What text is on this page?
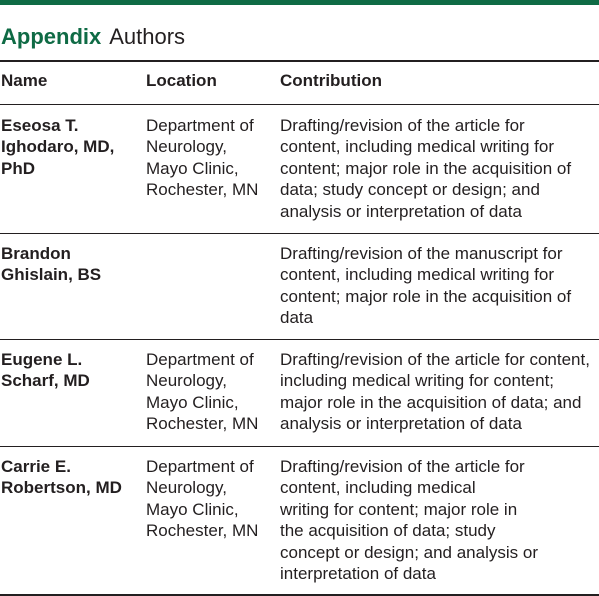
Appendix Authors
Name	Location	Contribution
Eseosa T.
Ighodaro, MD,
PhD
Department of
Neurology,
Mayo Clinic,
Rochester, MN
Drafting/revision of the article for
content, including medical writing for
content; major role in the acquisition of
data; study concept or design; and
analysis or interpretation of data
Brandon
Ghislain, BS
Drafting/revision of the manuscript for
content, including medical writing for
content; major role in the acquisition of
data
Eugene L.
Scharf, MD
Department of
Neurology,
Mayo Clinic,
Rochester, MN
Drafting/revision of the article for content,
including medical writing for content;
major role in the acquisition of data; and
analysis or interpretation of data
Carrie E.
Robertson, MD
Department of
Neurology,
Mayo Clinic,
Rochester, MN
Drafting/revision of the article for
content, including medical
writing for content; major role in
the acquisition of data; study
concept or design; and analysis or
interpretation of data
